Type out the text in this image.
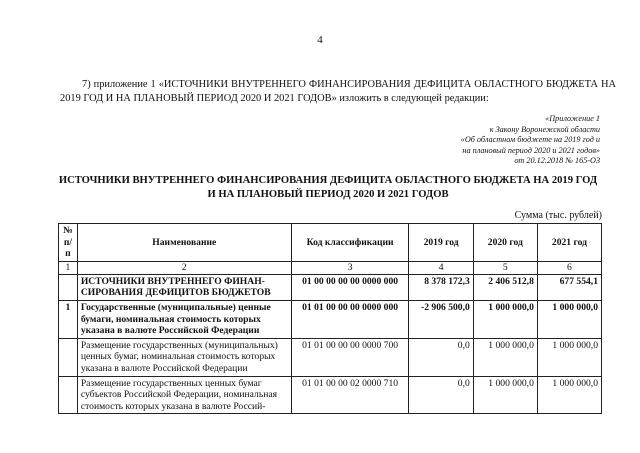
4
7) приложение 1 «ИСТОЧНИКИ ВНУТРЕННЕГО ФИНАНСИРОВАНИЯ ДЕФИЦИТА ОБЛАСТНОГО БЮДЖЕТА НА 2019 ГОД И НА ПЛАНОВЫЙ ПЕРИОД 2020 И 2021 ГОДОВ» изложить в следующей редакции:
«Приложение 1
к Закону Воронежской области
«Об областном бюджете на 2019 год и
на плановый период 2020 и 2021 годов»
от 20.12.2018 № 165-ОЗ
ИСТОЧНИКИ ВНУТРЕННЕГО ФИНАНСИРОВАНИЯ ДЕФИЦИТА ОБЛАСТНОГО БЮДЖЕТА НА 2019 ГОД
И НА ПЛАНОВЫЙ ПЕРИОД 2020 И 2021 ГОДОВ
Сумма (тыс. рублей)
№ п/п	Наименование	Код классификации	2019 год	2020 год	2021 год
1	2	3	4	5	6
	ИСТОЧНИКИ ВНУТРЕННЕГО ФИНАН-СИРОВАНИЯ ДЕФИЦИТОВ БЮДЖЕТОВ	01 00 00 00 00 0000 000	8 378 172,3	2 406 512,8	677 554,1
1	Государственные (муниципальные) ценные бумаги, номинальная стоимость которых указана в валюте Российской Федерации	01 01 00 00 00 0000 000	-2 906 500,0	1 000 000,0	1 000 000,0
	Размещение государственных (муниципальных) ценных бумаг, номинальная стоимость которых указана в валюте Российской Федерации	01 01 00 00 00 0000 700	0,0	1 000 000,0	1 000 000,0
	Размещение государственных ценных бумаг субъектов Российской Федерации, номинальная стоимость которых указана в валюте Россий-	01 01 00 00 02 0000 710	0,0	1 000 000,0	1 000 000,0
